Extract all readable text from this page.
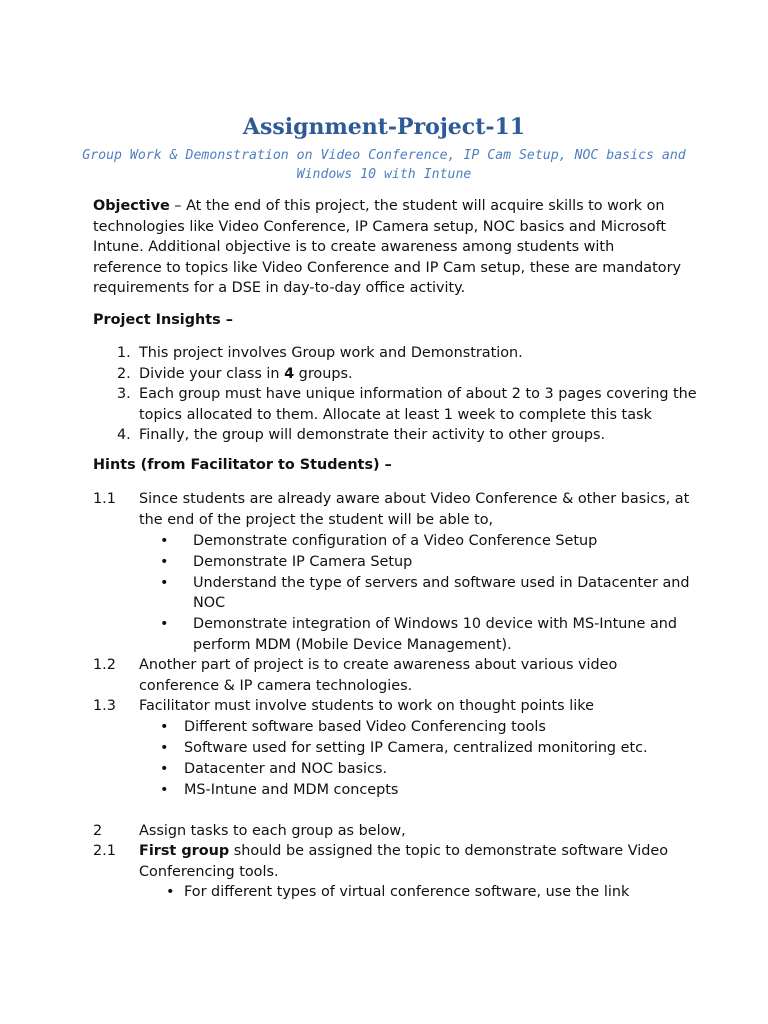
Assignment-Project-11
Group Work & Demonstration on Video Conference, IP Cam Setup, NOC basics and Windows 10 with Intune
Objective – At the end of this project, the student will acquire skills to work on technologies like Video Conference, IP Camera setup, NOC basics and Microsoft Intune. Additional objective is to create awareness among students with reference to topics like Video Conference and IP Cam setup, these are mandatory requirements for a DSE in day-to-day office activity.
Project Insights –
1. This project involves Group work and Demonstration.
2. Divide your class in 4 groups.
3. Each group must have unique information of about 2 to 3 pages covering the
topics allocated to them. Allocate at least 1 week to complete this task
4. Finally, the group will demonstrate their activity to other groups.
Hints (from Facilitator to Students) –
1.1 Since students are already aware about Video Conference & other basics, at
the end of the project the student will be able to,
• Demonstrate configuration of a Video Conference Setup
• Demonstrate IP Camera Setup
• Understand the type of servers and software used in Datacenter and
NOC
• Demonstrate integration of Windows 10 device with MS-Intune and
perform MDM (Mobile Device Management).
1.2 Another part of project is to create awareness about various video
conference & IP camera technologies.
1.3 Facilitator must involve students to work on thought points like
• Different software based Video Conferencing tools
• Software used for setting IP Camera, centralized monitoring etc.
• Datacenter and NOC basics.
• MS-Intune and MDM concepts
2	Assign tasks to each group as below,
2.1 First group should be assigned the topic to demonstrate software Video
Conferencing tools.
• For different types of virtual conference software, use the link
